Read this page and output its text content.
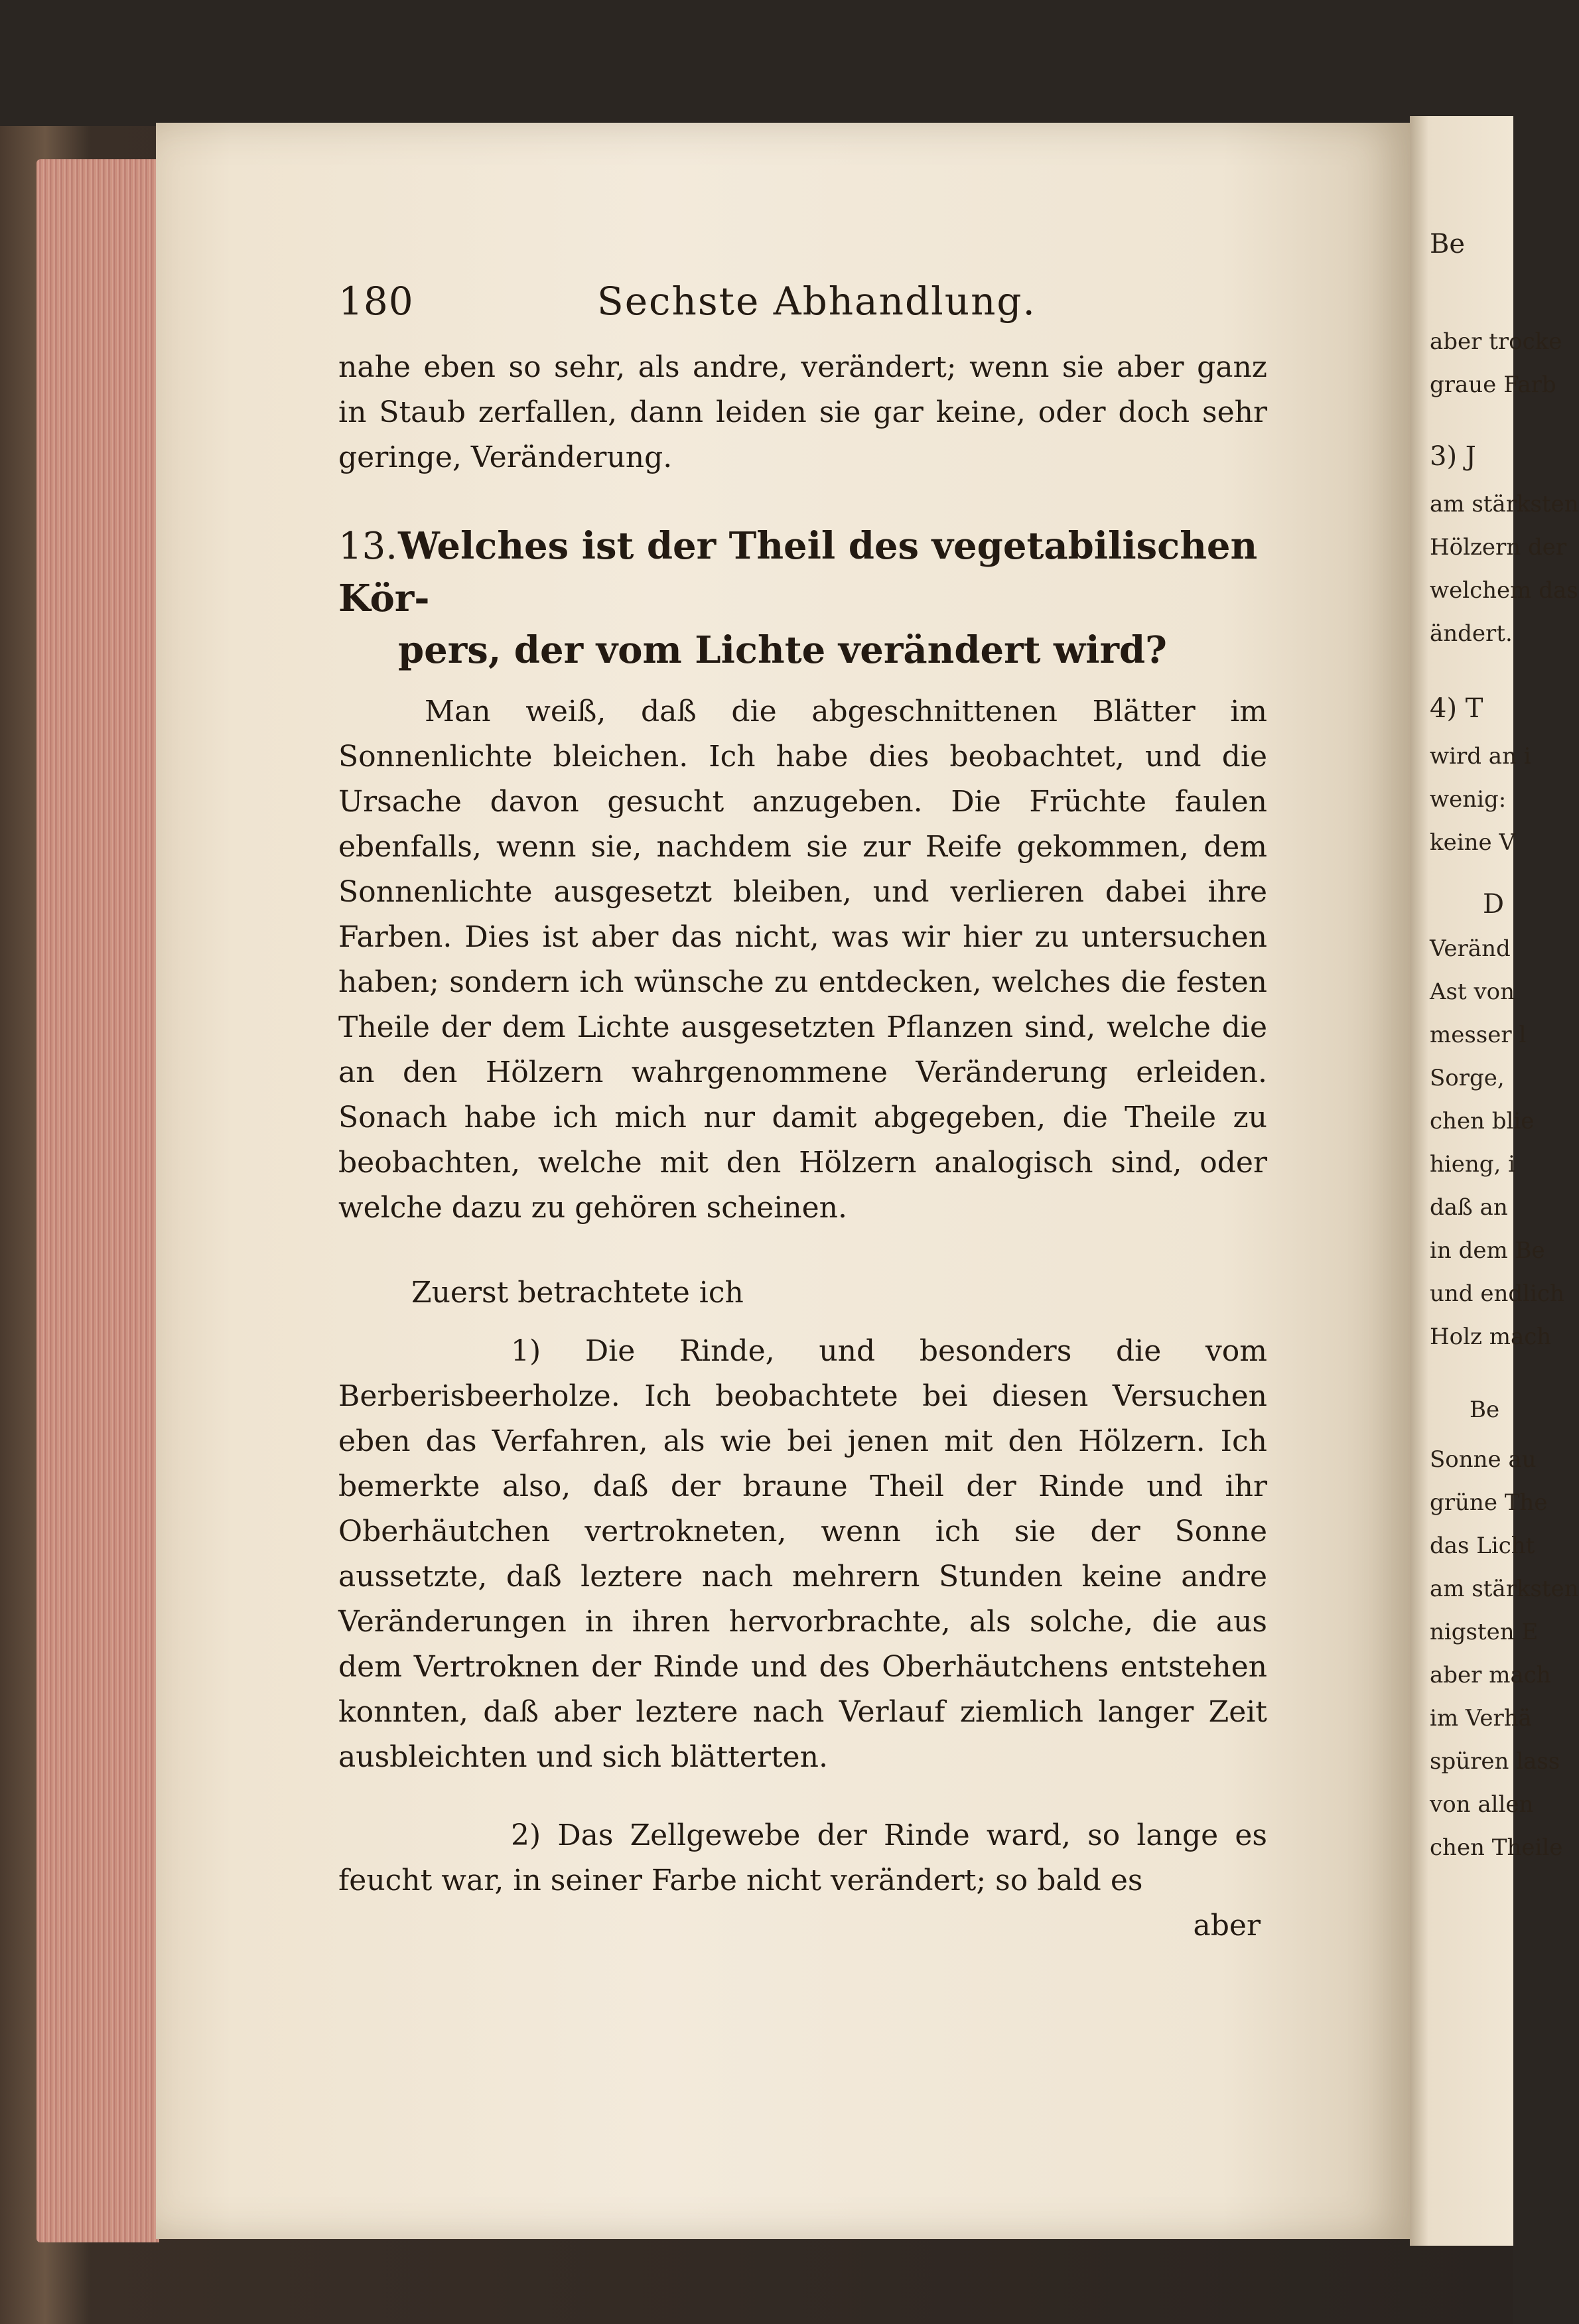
Be
aber trocke
graue Farb
3) J
am stärksten
Hölzern der
welchem das
ändert.
4) T
wird an i
wenig:
keine V
D
Veränd
Ast von
messer l
Sorge,
chen blie
hieng, i
daß an
in dem Be
und endlich
Holz mach
Be
Sonne au
grüne The
das Licht
am stärksten
nigsten E
aber mach
im Verhä
spüren lass
von allen
chen Theile
180	Sechste Abhandlung.

nahe eben so sehr, als andre, verändert; wenn sie aber ganz in Staub zerfallen, dann leiden sie gar keine, oder doch sehr geringe, Veränderung.

13.Welches ist der Theil des vegetabilischen Kör-
pers, der vom Lichte verändert wird?

Man weiß, daß die abgeschnittenen Blätter im Sonnenlichte bleichen. Ich habe dies beobachtet, und die Ursache davon gesucht anzugeben. Die Früchte faulen ebenfalls, wenn sie, nachdem sie zur Reife gekommen, dem Sonnenlichte ausgesetzt bleiben, und verlieren dabei ihre Farben. Dies ist aber das nicht, was wir hier zu untersuchen haben; sondern ich wünsche zu entdecken, welches die festen Theile der dem Lichte ausgesetzten Pflanzen sind, welche die an den Hölzern wahrgenommene Veränderung erleiden. Sonach habe ich mich nur damit abgegeben, die Theile zu beobachten, welche mit den Hölzern analogisch sind, oder welche dazu zu gehören scheinen.

Zuerst betrachtete ich

1) Die Rinde, und besonders die vom Berberisbeerholze. Ich beobachtete bei diesen Versuchen eben das Verfahren, als wie bei jenen mit den Hölzern. Ich bemerkte also, daß der braune Theil der Rinde und ihr Oberhäutchen vertrokneten, wenn ich sie der Sonne aussetzte, daß leztere nach mehrern Stunden keine andre Veränderungen in ihren hervorbrachte, als solche, die aus dem Vertroknen der Rinde und des Oberhäutchens entstehen konnten, daß aber leztere nach Verlauf ziemlich langer Zeit ausbleichten und sich blätterten.

2) Das Zellgewebe der Rinde ward, so lange es feucht war, in seiner Farbe nicht verändert; so bald es

aber
